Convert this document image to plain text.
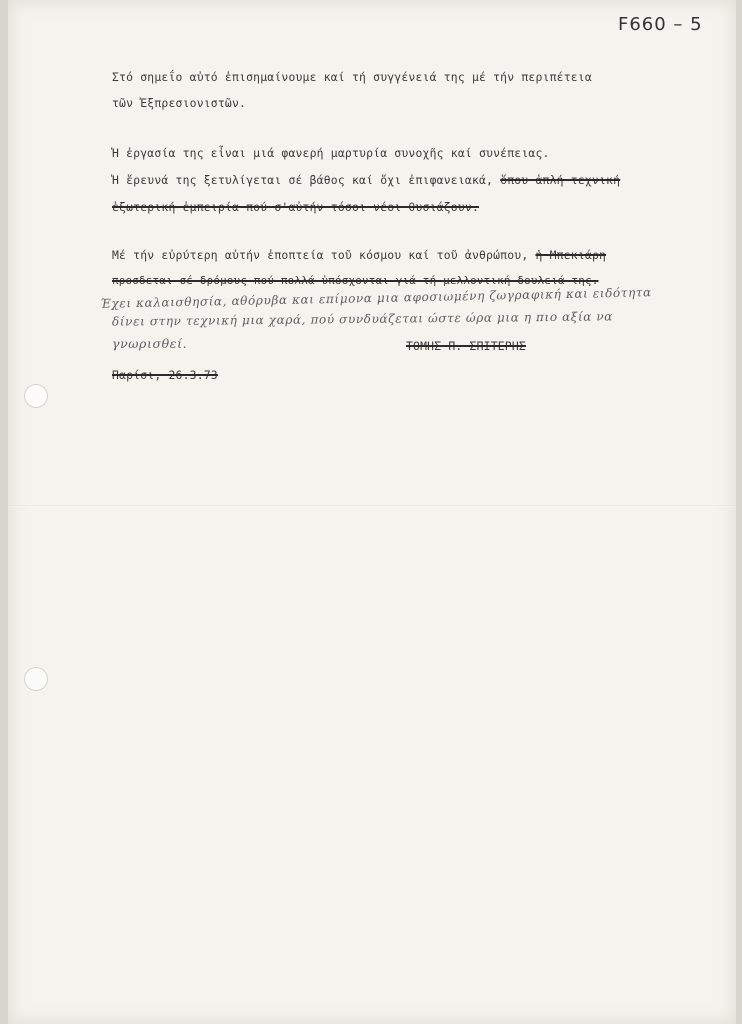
F660 – 5
Στό σημεΐο αὐτό ἐπισημαίνουμε καί τή συγγένειά της μέ τήν περιπέτεια
τῶν Ἐξπρεσιονιστῶν.
Ἡ ἐργασία της εἶναι μιά φανερή μαρτυρία συνοχῆς καί συνέπειας.
Ἡ ἔρευνά της ξετυλίγεται σέ βάθος καί ὄχι ἐπιφανειακά, ὅπου ἁπλή τεχνική
ἐξωτερική ἐμπειρία πού σ'αὐτήν τόσοι νέοι θυσιάζουν.
Μέ τήν εὐρύτερη αὐτήν ἐποπτεία τοῦ κόσμου καί τοῦ ἀνθρώπου, ἡ Μπεκιάρη
προσδεται σέ δρόμους πού πολλά ὑπόσχονται γιά τή μελλοντική δουλειά της.
Έχει καλαισθησία, αθόρυβα και επίμονα μια αφοσιωμένη ζωγραφική και ειδότητα
δίνει στην τεχνική μια χαρά, πού συνδυάζεται ώστε ώρα μια η πιο αξία να
γνωρισθεί.	ΤΟΜΗΣ Π. ΣΠΙΤΕΡΗΣ
Παρίσι, 26.3.73
